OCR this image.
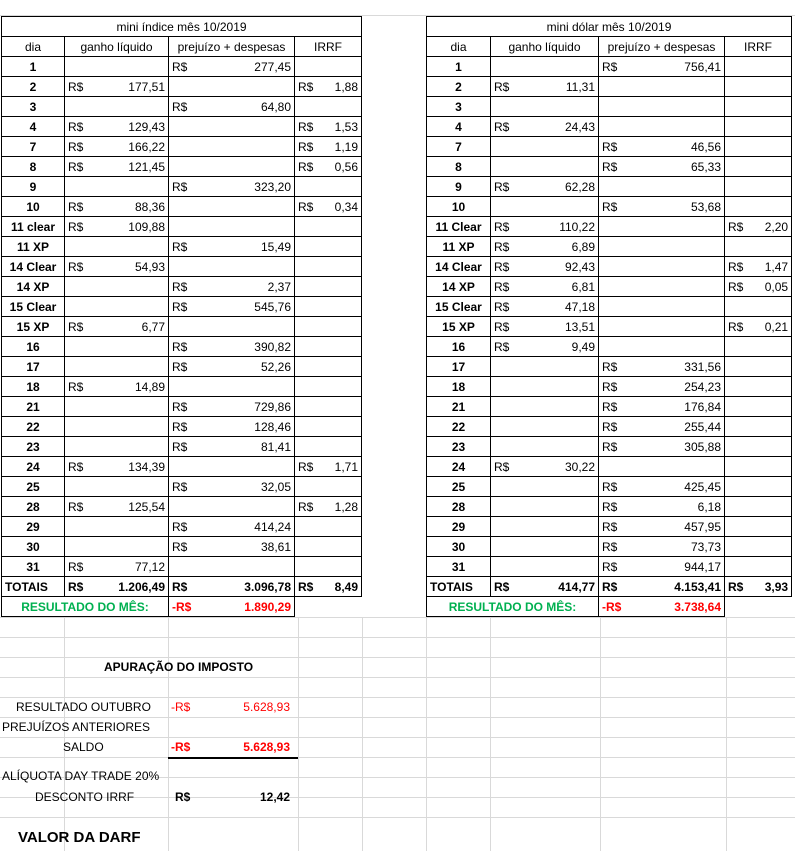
mini índice mês 10/2019			
dia	ganho líquido	prejuízo + despesas	IRRF
1		R$ 277,45	

2	R$ 177,51		R$ 1,88

3		R$ 64,80	

4	R$ 129,43		R$ 1,53

7	R$ 166,22		R$ 1,19

8	R$ 121,45		R$ 0,56

9		R$ 323,20	

10	R$ 88,36		R$ 0,34

11 clear	R$ 109,88		

11 XP		R$ 15,49	

14 Clear	R$ 54,93		

14 XP		R$ 2,37	

15 Clear		R$ 545,76	

15 XP	R$ 6,77		

16		R$ 390,82	

17		R$ 52,26	

18	R$ 14,89		

21		R$ 729,86	

22		R$ 128,46	

23		R$ 81,41	

24	R$ 134,39		R$ 1,71

25		R$ 32,05	

28	R$ 125,54		R$ 1,28

29		R$ 414,24	

30		R$ 38,61	

31	R$ 77,12		

TOTAIS	R$ 1.206,49	R$ 3.096,78	R$ 8,49

RESULTADO DO MÊS:		-R$ 1.890,29	
mini dólar mês 10/2019			
dia	ganho líquido	prejuízo + despesas	IRRF
1		R$ 756,41	

2	R$ 11,31		

3			
4	R$ 24,43		

7		R$ 46,56	

8		R$ 65,33	

9	R$ 62,28		

10		R$ 53,68	

11 Clear	R$ 110,22		R$ 2,20

11 XP	R$ 6,89		

14 Clear	R$ 92,43		R$ 1,47

14 XP	R$ 6,81		R$ 0,05

15 Clear	R$ 47,18		

15 XP	R$ 13,51		R$ 0,21

16	R$ 9,49		

17		R$ 331,56	

18		R$ 254,23	

21		R$ 176,84	

22		R$ 255,44	

23		R$ 305,88	

24	R$ 30,22		

25		R$ 425,45	

28		R$ 6,18	

29		R$ 457,95	

30		R$ 73,73	

31		R$ 944,17	

TOTAIS	R$ 414,77	R$ 4.153,41	R$ 3,93

RESULTADO DO MÊS:		-R$ 3.738,64	
APURAÇÃO DO IMPOSTO
RESULTADO OUTUBRO -R$	5.628,93
PREJUÍZOS ANTERIORES
SALDO	-R$	5.628,93
ALÍQUOTA DAY TRADE 20%
DESCONTO IRRF	R$	12,42
VALOR DA DARF
